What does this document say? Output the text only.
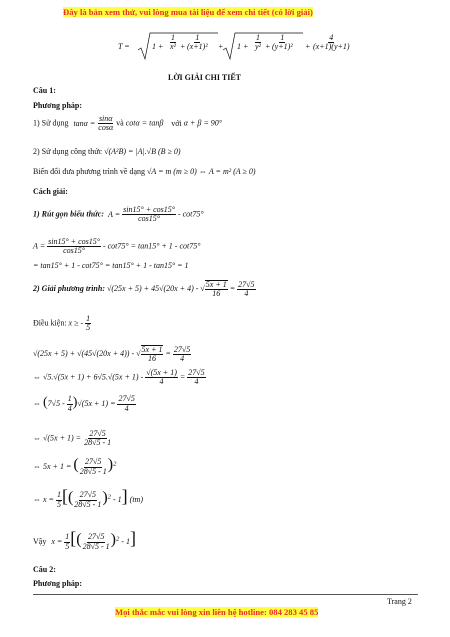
Đây là bản xem thử, vui lòng mua tài liệu để xem chi tiết (có lời giải)
T =	$1 + \frac{1}{\text{x²}} + \frac{1}{\text{(x+1)²}} + 1 + \frac{1}{\text{y²}} + \frac{1}{\text{(y+1)²}} + \frac{4}{(x+1)(y+1)}$
LỜI GIẢI CHI TIẾT
Câu 1:
Phương pháp:
1) Sử dụng $\tan\alpha = \frac{\sin\alpha}{\cos\alpha}$ và cotα = tanβ với α + β = 90°
2) Sử dụng công thức √(A²B) = |A|.√B (B ≥ 0)
Biến đổi đưa phương trình về dạng √A = m (m ≥ 0) ⇔ A = m² (A ≥ 0)
Cách giải:
1) Rút gọn biểu thức: $A = \frac{\sin 15^\circ + \cos 15^\circ}{\cos 15^\circ} - \cot 75^\circ$
$A = \frac{\sin 15^\circ + \cos 15^\circ}{\cos 15^\circ} - \cot 75^\circ = \tan 15^\circ + 1 - \cot 75^\circ$
= tan15° + 1 - cot75° = tan15° + 1 - tan15° = 1
2) Giải phương trình: √(25x + 5) + 45√(20x + 4) - √ $\frac{5x + 1}{16} = \frac{27√5}{4}$
Điều kiện: x ≥ - $\frac{1}{5}$
√(25x + 5) + √(45√(20x + 4)) - √ $\frac{5x + 1}{16} = \frac{27√5}{4}$
⇔ $√5.√(5x + 1) + 6√5.√(5x + 1) - \frac{√(5x + 1)}{4} = \frac{27√5}{4}$
⇔ $(7√5 - \frac{1}{4} )√(5x + 1) = \frac{27√5}{4}$
⇔ $√(5x + 1) = \frac{27√5}{28√5 - 1}$
⇔ 5x + 1 = ( $\frac{27√5}{28√5 - 1} )^2$
⇔ $x = \frac{1}{5}$ [( $\frac{27√5}{28√5 - 1} )^2 - 1$] (tm)
Vậy $x = \frac{1}{5}$ [( $\frac{27√5}{28√5 - 1} )^2 - 1$]
Câu 2:
Phương pháp:
Trang 2
Mọi thắc mắc vui lòng xin liên hệ hotline: 084 283 45 85
